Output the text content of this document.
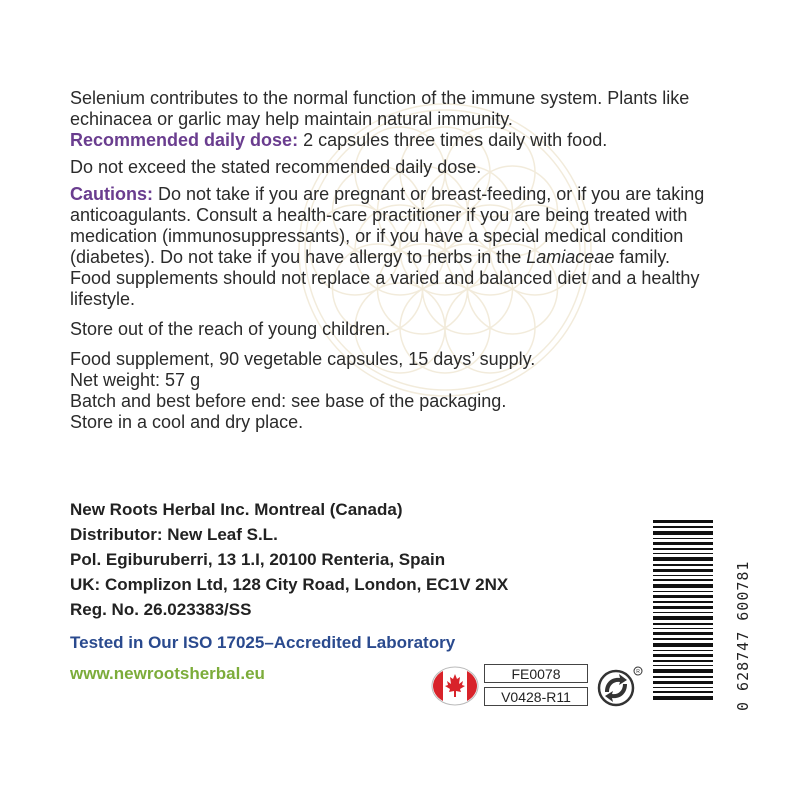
Selenium contributes to the normal function of the immune system. Plants like echinacea or garlic may help maintain natural immunity.

Recommended daily dose: 2 capsules three times daily with food.

Do not exceed the stated recommended daily dose.

Cautions: Do not take if you are pregnant or breast-feeding, or if you are taking anticoagulants. Consult a health-care practitioner if you are being treated with medication (immunosuppressants), or if you have a special medical condition (diabetes). Do not take if you have allergy to herbs in the Lamiaceae family.

Food supplements should not replace a varied and balanced diet and a healthy lifestyle.

Store out of the reach of young children.

Food supplement, 90 vegetable capsules, 15 days’ supply.

Net weight: 57 g

Batch and best before end: see base of the packaging.

Store in a cool and dry place.

New Roots Herbal Inc. Montreal (Canada)
Distributor: New Leaf S.L.
Pol. Egiburuberri, 13 1.I, 20100 Renteria, Spain
UK: Complizon Ltd, 128 City Road, London, EC1V 2NX
Reg. No. 26.023383/SS
Tested in Our ISO 17025–Accredited Laboratory
www.newrootsherbal.eu	FE0078
V0428-R11
R	0 628747 600781
